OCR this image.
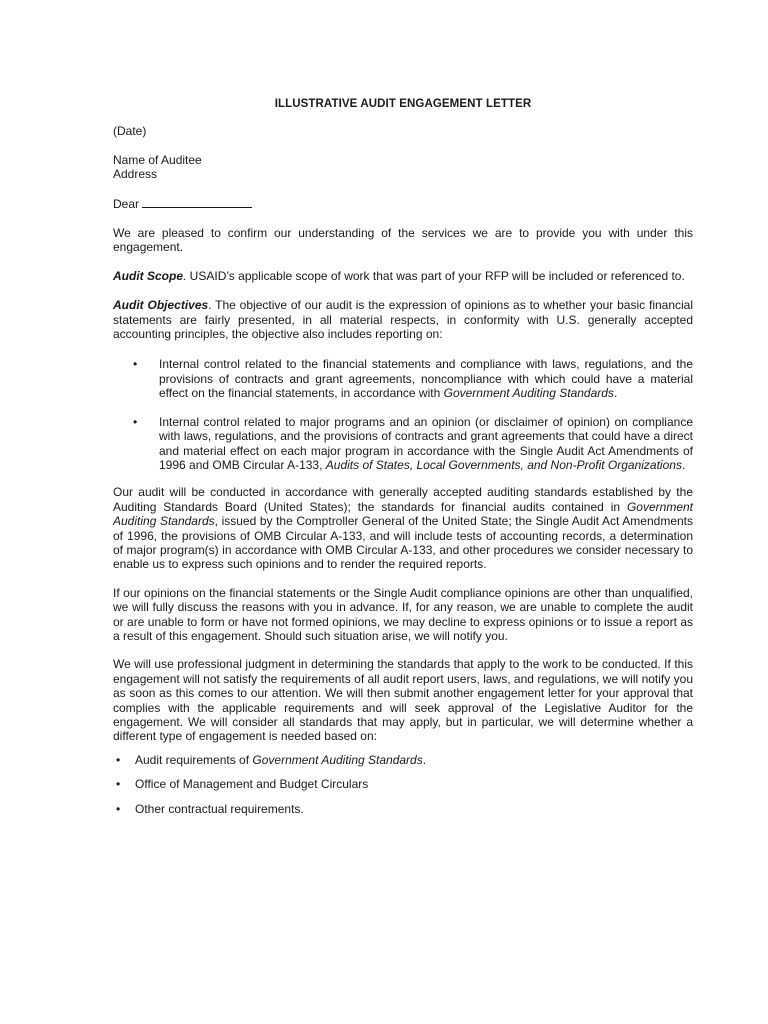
ILLUSTRATIVE AUDIT ENGAGEMENT LETTER

(Date)

Name of Auditee

Address

Dear

We are pleased to confirm our understanding of the services we are to provide you with under this engagement.

Audit Scope. USAID’s applicable scope of work that was part of your RFP will be included or referenced to.

Audit Objectives. The objective of our audit is the expression of opinions as to whether your basic financial statements are fairly presented, in all material respects, in conformity with U.S. generally accepted accounting principles, the objective also includes reporting on:

• Internal control related to the financial statements and compliance with laws, regulations, and the provisions of contracts and grant agreements, noncompliance with which could have a material effect on the financial statements, in accordance with Government Auditing Standards.
• Internal control related to major programs and an opinion (or disclaimer of opinion) on compliance with laws, regulations, and the provisions of contracts and grant agreements that could have a direct and material effect on each major program in accordance with the Single Audit Act Amendments of 1996 and OMB Circular A-133, Audits of States, Local Governments, and Non-Profit Organizations.

Our audit will be conducted in accordance with generally accepted auditing standards established by the Auditing Standards Board (United States); the standards for financial audits contained in Government Auditing Standards, issued by the Comptroller General of the United State; the Single Audit Act Amendments of 1996, the provisions of OMB Circular A-133, and will include tests of accounting records, a determination of major program(s) in accordance with OMB Circular A-133, and other procedures we consider necessary to enable us to express such opinions and to render the required reports.

If our opinions on the financial statements or the Single Audit compliance opinions are other than unqualified, we will fully discuss the reasons with you in advance. If, for any reason, we are unable to complete the audit or are unable to form or have not formed opinions, we may decline to express opinions or to issue a report as a result of this engagement. Should such situation arise, we will notify you.

We will use professional judgment in determining the standards that apply to the work to be conducted. If this engagement will not satisfy the requirements of all audit report users, laws, and regulations, we will notify you as soon as this comes to our attention. We will then submit another engagement letter for your approval that complies with the applicable requirements and will seek approval of the Legislative Auditor for the engagement. We will consider all standards that may apply, but in particular, we will determine whether a different type of engagement is needed based on:

• Audit requirements of Government Auditing Standards.
• Office of Management and Budget Circulars
• Other contractual requirements.
